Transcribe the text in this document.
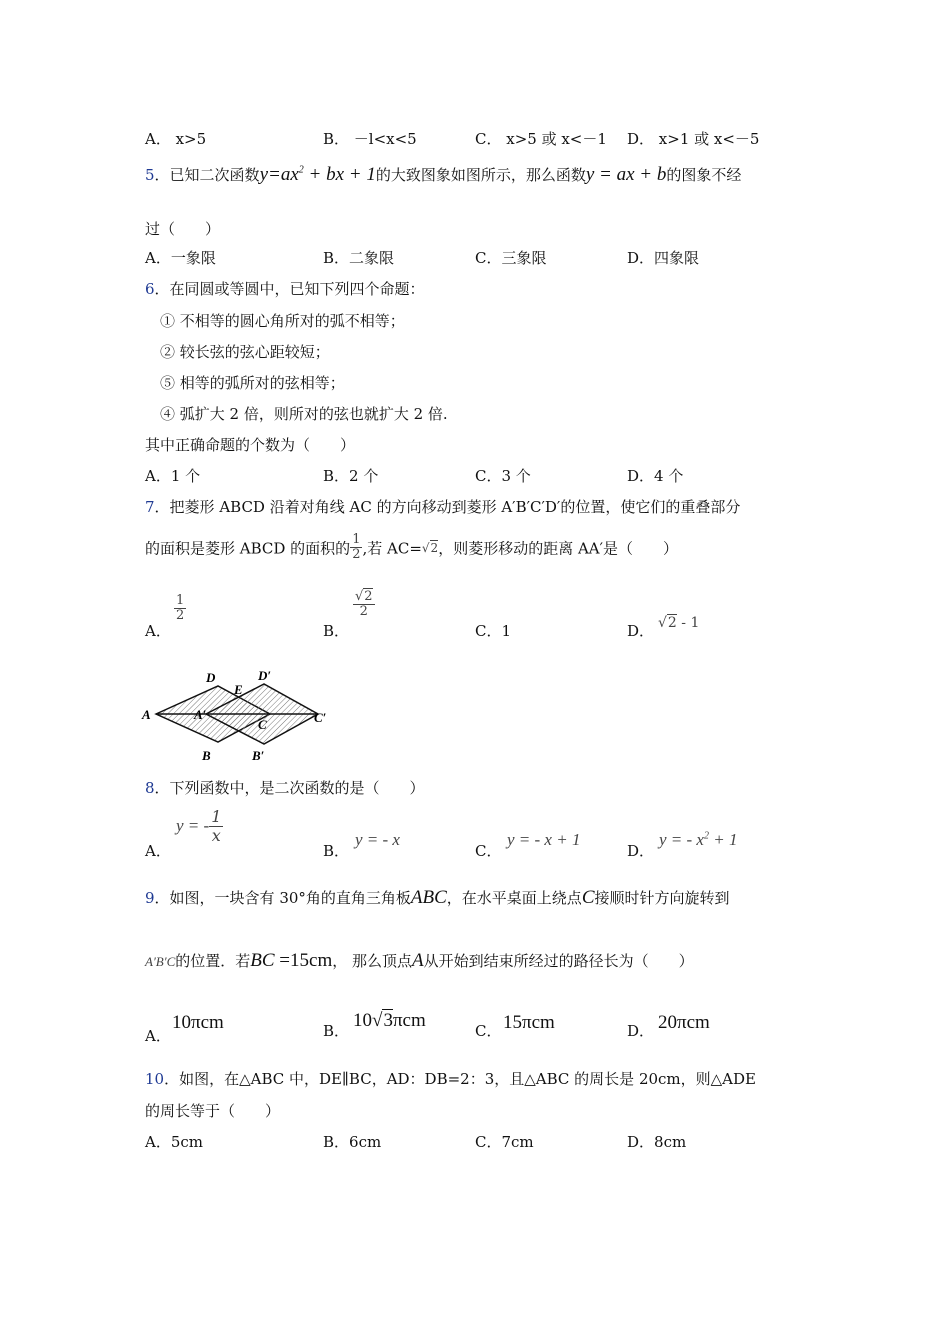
A． x>5	B． －l<x<5	C． x>5 或 x<－1 D． x>1 或 x<－5
5．已知二次函数$y=ax^2$ + bx + 1的大致图象如图所示，那么函数y = ax + b的图象不经
过（　　）
A．一象限	B．二象限	C．三象限	D．四象限
6．在同圆或等圆中，已知下列四个命题：
① 不相等的圆心角所对的弧不相等；
② 较长弦的弦心距较短；
⑤ 相等的弧所对的弦相等；
④ 弧扩大 2 倍，则所对的弦也就扩大 2 倍.
其中正确命题的个数为（　　）
A．1 个	B．2 个	C．3 个	D．4 个
7．把菱形 ABCD 沿着对角线 AC 的方向移动到菱形 A′B′C′D′的位置，使它们的重叠部分
的面积是菱形 ABCD 的面积的 $\frac{1}{2}$ ,若 AC=√2，则菱形移动的距离 AA′是（　　）
A．
$\frac{1}{2}$
B．
$\frac{√2}{2}$
C．1	D． √2 - 1
A
D
E
D′
A′
C	C′
B	B′
8．下列函数中，是二次函数的是（　　）
A．
y = - $\frac{1}{x}$
B．
y = - x
C．
y = - x + 1
D．
y = - $x^2 + 1$
9．如图，一块含有 30°角的直角三角板ABC，在水平桌面上绕点C接顺时针方向旋转到
A′B′C的位置．若BC =15cm， 那么顶点A从开始到结束所经过的路径长为（　　）
A．
10πcm	B． 10√3πcm	C． 15πcm	D． 20πcm
10．如图，在△ABC 中，DE∥BC，AD：DB=2：3，且△ABC 的周长是 20cm，则△ADE
的周长等于（　　）
A．5cm	B．6cm	C．7cm	D．8cm
